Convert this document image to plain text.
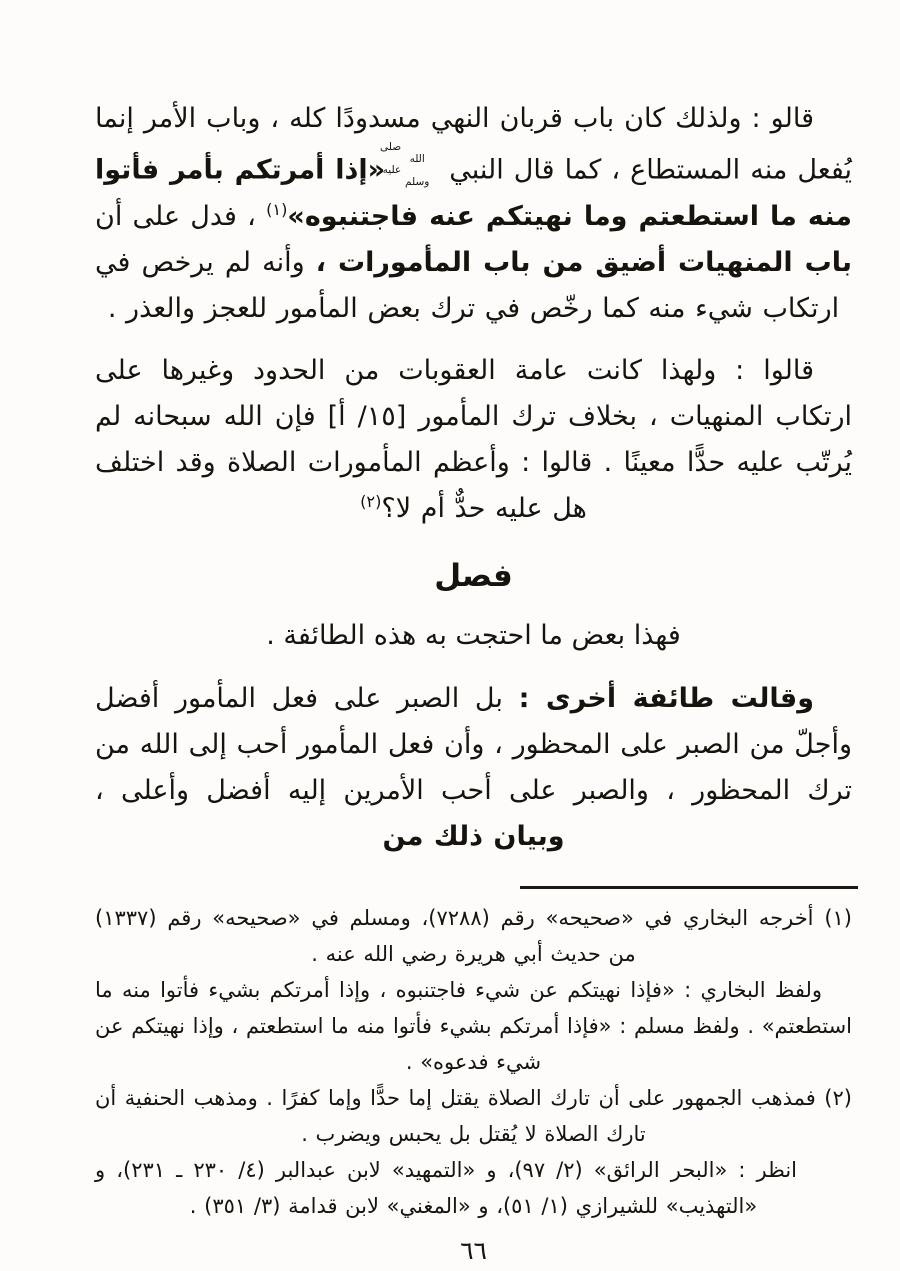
قالو : ولذلك كان باب قربان النهي مسدودًا كله ، وباب الأمر إنما يُفعل منه المستطاع ، كما قال النبي
صلى الله
عليه وسلم
«إذا أمرتكم بأمر فأتوا منه ما استطعتم وما نهيتكم عنه فاجتنبوه»$^{(١)}$ ، فدل على أن باب المنهيات أضيق من باب المأمورات ، وأنه لم يرخص في ارتكاب شيء منه كما رخّص في ترك بعض المأمور للعجز والعذر .

قالوا : ولهذا كانت عامة العقوبات من الحدود وغيرها على ارتكاب المنهيات ، بخلاف ترك المأمور [١٥/ أ] فإن الله سبحانه لم يُرتّب عليه حدًّا معينًا . قالوا : وأعظم المأمورات الصلاة وقد اختلف هل عليه حدٌّ أم لا؟$^{(٢)}$

فصل

فهذا بعض ما احتجت به هذه الطائفة .

وقالت طائفة أخرى : بل الصبر على فعل المأمور أفضل وأجلّ من الصبر على المحظور ، وأن فعل المأمور أحب إلى الله من ترك المحظور ، والصبر على أحب الأمرين إليه أفضل وأعلى ، وبيان ذلك من

(١) أخرجه البخاري في «صحيحه» رقم (٧٢٨٨)، ومسلم في «صحيحه» رقم (١٣٣٧) من حديث أبي هريرة رضي الله عنه .

ولفظ البخاري : «فإذا نهيتكم عن شيء فاجتنبوه ، وإذا أمرتكم بشيء فأتوا منه ما استطعتم» . ولفظ مسلم : «فإذا أمرتكم بشيء فأتوا منه ما استطعتم ، وإذا نهيتكم عن شيء فدعوه» .

(٢) فمذهب الجمهور على أن تارك الصلاة يقتل إما حدًّا وإما كفرًا . ومذهب الحنفية أن تارك الصلاة لا يُقتل بل يحبس ويضرب .

انظر : «البحر الرائق» (٢/ ٩٧)، و «التمهيد» لابن عبدالبر (٤/ ٢٣٠ ـ ٢٣١)، و «التهذيب» للشيرازي (١/ ٥١)، و «المغني» لابن قدامة (٣/ ٣٥١) .

٦٦
